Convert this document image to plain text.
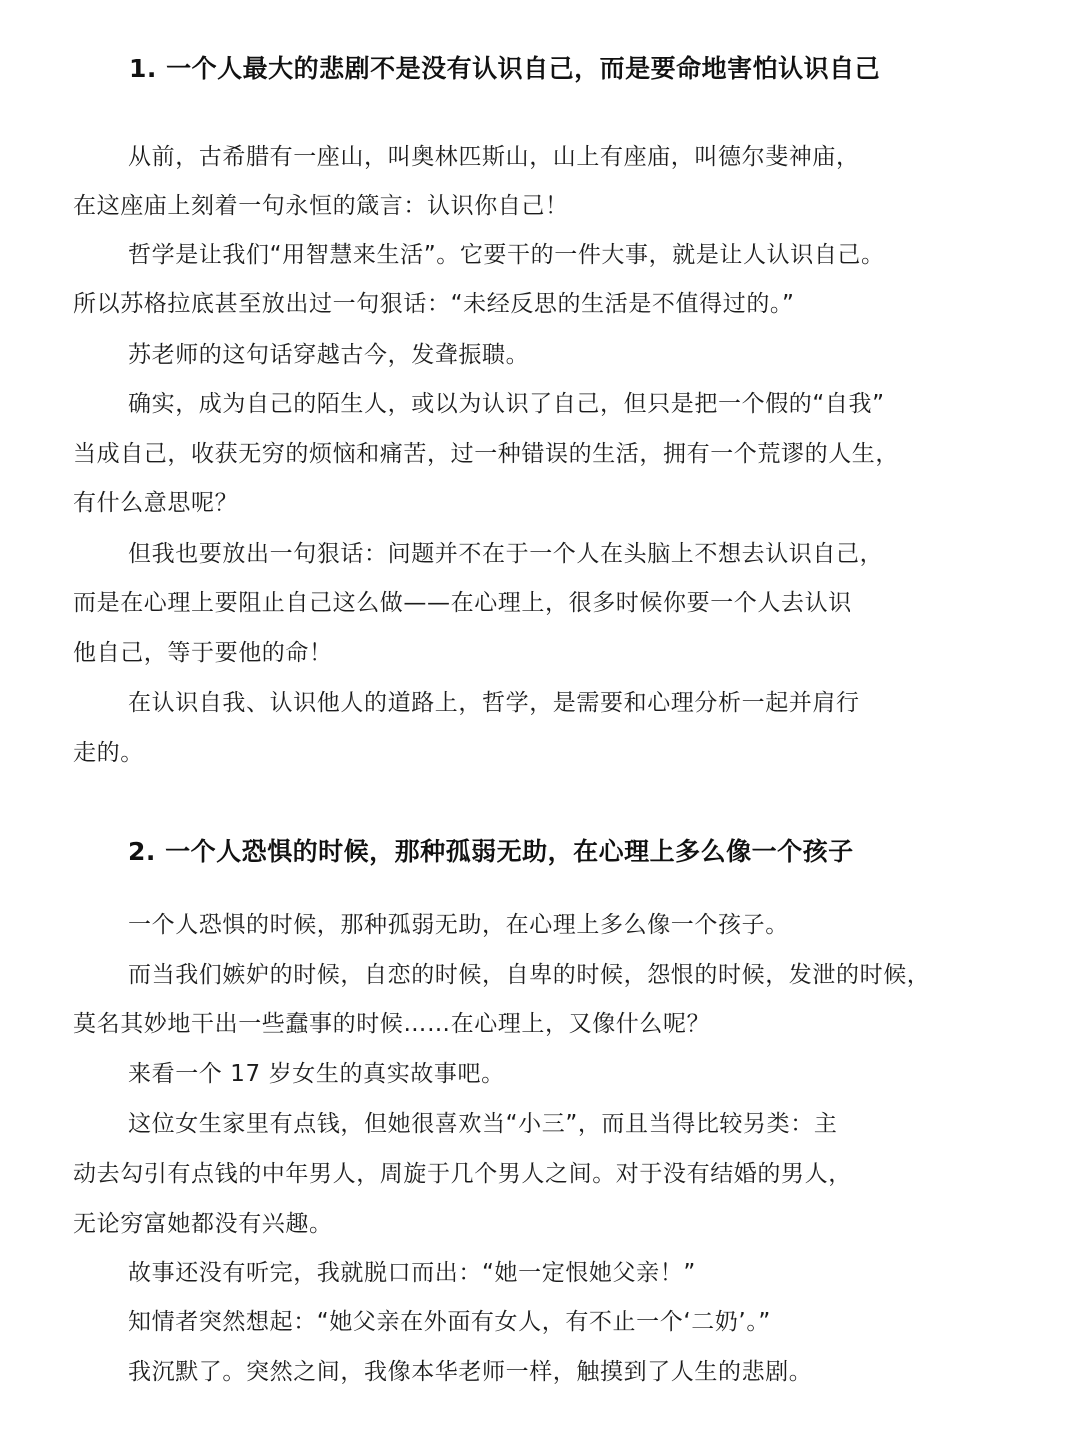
1. 一个人最大的悲剧不是没有认识自己，而是要命地害怕认识自己
从前，古希腊有一座山，叫奥林匹斯山，山上有座庙，叫德尔斐神庙，
在这座庙上刻着一句永恒的箴言：认识你自己！
哲学是让我们“用智慧来生活”。它要干的一件大事，就是让人认识自己。
所以苏格拉底甚至放出过一句狠话：“未经反思的生活是不值得过的。”
苏老师的这句话穿越古今，发聋振聩。
确实，成为自己的陌生人，或以为认识了自己，但只是把一个假的“自我”
当成自己，收获无穷的烦恼和痛苦，过一种错误的生活，拥有一个荒谬的人生，
有什么意思呢？
但我也要放出一句狠话：问题并不在于一个人在头脑上不想去认识自己，
而是在心理上要阻止自己这么做——在心理上，很多时候你要一个人去认识
他自己，等于要他的命！
在认识自我、认识他人的道路上，哲学，是需要和心理分析一起并肩行
走的。
2. 一个人恐惧的时候，那种孤弱无助，在心理上多么像一个孩子
一个人恐惧的时候，那种孤弱无助，在心理上多么像一个孩子。
而当我们嫉妒的时候，自恋的时候，自卑的时候，怨恨的时候，发泄的时候，
莫名其妙地干出一些蠢事的时候……在心理上，又像什么呢？
来看一个 17 岁女生的真实故事吧。
这位女生家里有点钱，但她很喜欢当“小三”，而且当得比较另类：主
动去勾引有点钱的中年男人，周旋于几个男人之间。对于没有结婚的男人，
无论穷富她都没有兴趣。
故事还没有听完，我就脱口而出：“她一定恨她父亲！”
知情者突然想起：“她父亲在外面有女人，有不止一个‘二奶’。”
我沉默了。突然之间，我像本华老师一样，触摸到了人生的悲剧。
